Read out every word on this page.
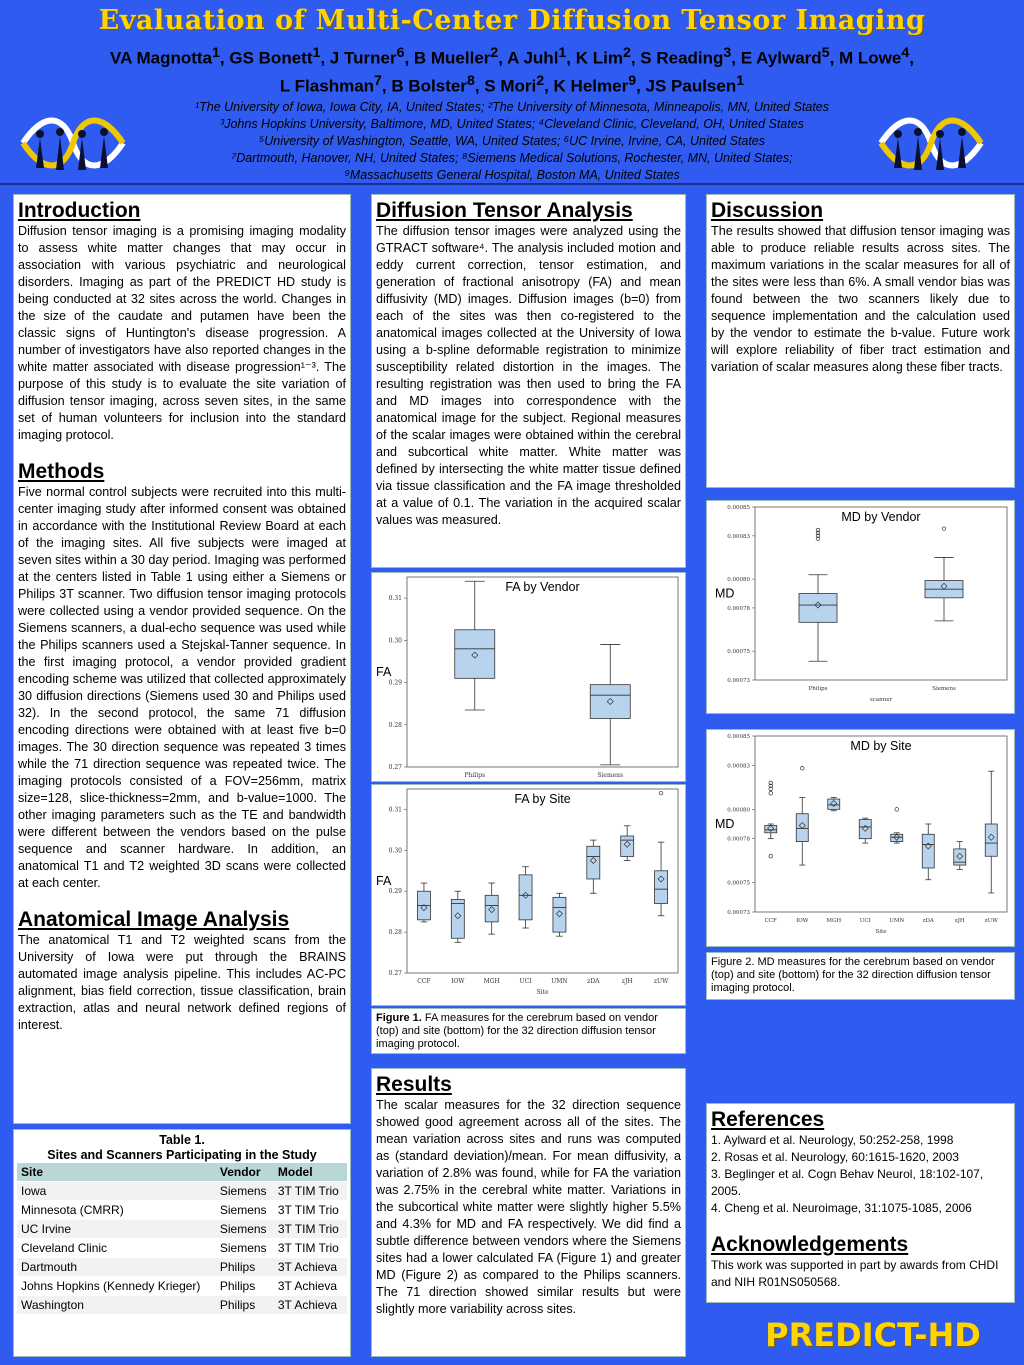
Evaluation of Multi-Center Diffusion Tensor Imaging
VA Magnotta$^1$, GS Bonett$^1$, J Turner$^6$, B Mueller$^2$, A Juhl$^1$, K Lim$^2$, S Reading$^3$, E Aylward$^5$, M Lowe$^4$, L Flashman$^7$, B Bolster$^8$, S Mori$^2$, K Helmer$^9$, JS Paulsen$^1$
¹The University of Iowa, Iowa City, IA, United States; ²The University of Minnesota, Minneapolis, MN, United States
³Johns Hopkins University, Baltimore, MD, United States; ⁴Cleveland Clinic, Cleveland, OH, United States
⁵University of Washington, Seattle, WA, United States; ⁶UC Irvine, Irvine, CA, United States
⁷Dartmouth, Hanover, NH, United States; ⁸Siemens Medical Solutions, Rochester, MN, United States;
⁹Massachusetts General Hospital, Boston MA, United States
Introduction

Diffusion tensor imaging is a promising imaging modality to assess white matter changes that may occur in association with various psychiatric and neurological disorders. Imaging as part of the PREDICT HD study is being conducted at 32 sites across the world. Changes in the size of the caudate and putamen have been the classic signs of Huntington's disease progression. A number of investigators have also reported changes in the white matter associated with disease progression¹⁻³. The purpose of this study is to evaluate the site variation of diffusion tensor imaging, across seven sites, in the same set of human volunteers for inclusion into the standard imaging protocol.

Methods

Five normal control subjects were recruited into this multi-center imaging study after informed consent was obtained in accordance with the Institutional Review Board at each of the imaging sites. All five subjects were imaged at seven sites within a 30 day period. Imaging was performed at the centers listed in Table 1 using either a Siemens or Philips 3T scanner. Two diffusion tensor imaging protocols were collected using a vendor provided sequence. On the Siemens scanners, a dual-echo sequence was used while the Philips scanners used a Stejskal-Tanner sequence. In the first imaging protocol, a vendor provided gradient encoding scheme was utilized that collected approximately 30 diffusion directions (Siemens used 30 and Philips used 32). In the second protocol, the same 71 diffusion encoding directions were obtained with at least five b=0 images. The 30 direction sequence was repeated 3 times while the 71 direction sequence was repeated twice. The imaging protocols consisted of a FOV=256mm, matrix size=128, slice-thickness=2mm, and b-value=1000. The other imaging parameters such as the TE and bandwidth were different between the vendors based on the pulse sequence and scanner hardware. In addition, an anatomical T1 and T2 weighted 3D scans were collected at each center.

Anatomical Image Analysis

The anatomical T1 and T2 weighted scans from the University of Iowa were put through the BRAINS automated image analysis pipeline. This includes AC-PC alignment, bias field correction, tissue classification, brain extraction, atlas and neural network defined regions of interest.

Table 1.
Sites and Scanners Participating in the Study
Site	Vendor	Model
Iowa	Siemens	3T TIM Trio
Minnesota (CMRR)	Siemens	3T TIM Trio
UC Irvine	Siemens	3T TIM Trio
Cleveland Clinic	Siemens	3T TIM Trio
Dartmouth	Philips	3T Achieva
Johns Hopkins (Kennedy Krieger)	Philips	3T Achieva
Washington	Philips	3T Achieva
Diffusion Tensor Analysis

The diffusion tensor images were analyzed using the GTRACT software⁴. The analysis included motion and eddy current correction, tensor estimation, and generation of fractional anisotropy (FA) and mean diffusivity (MD) images. Diffusion images (b=0) from each of the sites was then co-registered to the anatomical images collected at the University of Iowa using a b-spline deformable registration to minimize susceptibility related distortion in the images. The resulting registration was then used to bring the FA and MD images into correspondence with the anatomical image for the subject. Regional measures of the scalar images were obtained within the cerebral and subcortical white matter. White matter was defined by intersecting the white matter tissue defined via tissue classification and the FA image thresholded at a value of 0.1. The variation in the acquired scalar values was measured.

FA by Vendor
FA
0.27
0.28
0.29
0.30
0.31
Philips	Siemens
FA by Site
FA
0.27
0.28
0.29
0.30
0.31
CCF	IOW	MGH	UCI	UMN	zDA	zJH	zUW
Site
Figure 1. FA measures for the cerebrum based on vendor (top) and site (bottom) for the 32 direction diffusion tensor imaging protocol.
Results

The scalar measures for the 32 direction sequence showed good agreement across all of the sites. The mean variation across sites and runs was computed as (standard deviation)/mean. For mean diffusivity, a variation of 2.8% was found, while for FA the variation was 2.75% in the cerebral white matter. Variations in the subcortical white matter were slightly higher 5.5% and 4.3% for MD and FA respectively. We did find a subtle difference between vendors where the Siemens sites had a lower calculated FA (Figure 1) and greater MD (Figure 2) as compared to the Philips scanners. The 71 direction showed similar results but were slightly more variability across sites.

Discussion

The results showed that diffusion tensor imaging was able to produce reliable results across sites. The maximum variations in the scalar measures for all of the sites were less than 6%. A small vendor bias was found between the two scanners likely due to sequence implementation and the calculation used by the vendor to estimate the b-value. Future work will explore reliability of fiber tract estimation and variation of scalar measures along these fiber tracts.

MD by Vendor
MD
0.00073
0.00075
0.00078
0.00080
0.00083
0.00085
Philips	Siemens
scanner
MD by Site
MD
0.00073
0.00075
0.00078
0.00080
0.00083
0.00085
CCF	IOW	MGH	UCI	UMN	zDA	zJH	zUW
Site
Figure 2. MD measures for the cerebrum based on vendor (top) and site (bottom) for the 32 direction diffusion tensor imaging protocol.
References

1. Aylward et al. Neurology, 50:252-258, 1998

2. Rosas et al. Neurology, 60:1615-1620, 2003

3. Beglinger et al. Cogn Behav Neurol, 18:102-107, 2005.

4. Cheng et al. Neuroimage, 31:1075-1085, 2006

Acknowledgements

This work was supported in part by awards from CHDI and NIH R01NS050568.

PREDICT-HD
